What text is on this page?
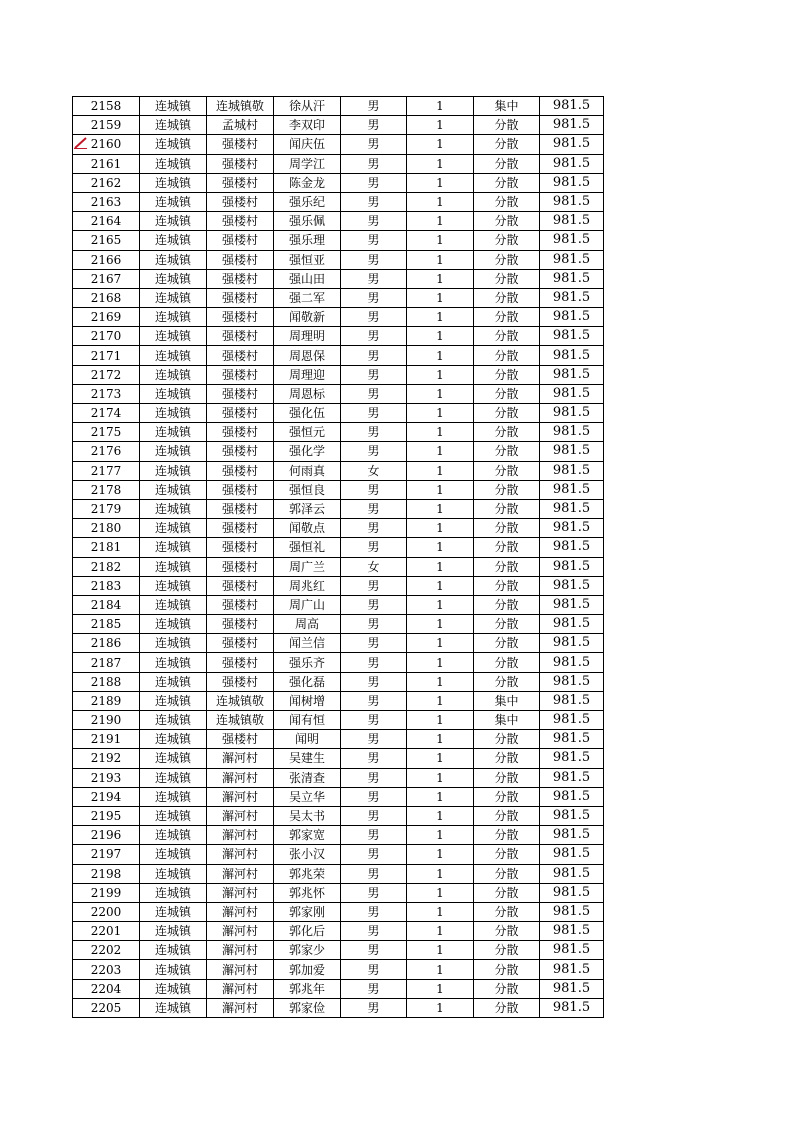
2158	连城镇	连城镇敬	徐从汗	男	1	集中	981.5
2159	连城镇	孟城村	李双印	男	1	分散	981.5
2160	连城镇	强楼村	闻庆伍	男	1	分散	981.5
2161	连城镇	强楼村	周学江	男	1	分散	981.5
2162	连城镇	强楼村	陈金龙	男	1	分散	981.5
2163	连城镇	强楼村	强乐纪	男	1	分散	981.5
2164	连城镇	强楼村	强乐佩	男	1	分散	981.5
2165	连城镇	强楼村	强乐理	男	1	分散	981.5
2166	连城镇	强楼村	强恒亚	男	1	分散	981.5
2167	连城镇	强楼村	强山田	男	1	分散	981.5
2168	连城镇	强楼村	强二军	男	1	分散	981.5
2169	连城镇	强楼村	闻敬新	男	1	分散	981.5
2170	连城镇	强楼村	周理明	男	1	分散	981.5
2171	连城镇	强楼村	周恩保	男	1	分散	981.5
2172	连城镇	强楼村	周理迎	男	1	分散	981.5
2173	连城镇	强楼村	周恩标	男	1	分散	981.5
2174	连城镇	强楼村	强化伍	男	1	分散	981.5
2175	连城镇	强楼村	强恒元	男	1	分散	981.5
2176	连城镇	强楼村	强化学	男	1	分散	981.5
2177	连城镇	强楼村	何雨真	女	1	分散	981.5
2178	连城镇	强楼村	强恒良	男	1	分散	981.5
2179	连城镇	强楼村	郭泽云	男	1	分散	981.5
2180	连城镇	强楼村	闻敬点	男	1	分散	981.5
2181	连城镇	强楼村	强恒礼	男	1	分散	981.5
2182	连城镇	强楼村	周广兰	女	1	分散	981.5
2183	连城镇	强楼村	周兆红	男	1	分散	981.5
2184	连城镇	强楼村	周广山	男	1	分散	981.5
2185	连城镇	强楼村	周高	男	1	分散	981.5
2186	连城镇	强楼村	闻兰信	男	1	分散	981.5
2187	连城镇	强楼村	强乐齐	男	1	分散	981.5
2188	连城镇	强楼村	强化磊	男	1	分散	981.5
2189	连城镇	连城镇敬	闻树增	男	1	集中	981.5
2190	连城镇	连城镇敬	闻有恒	男	1	集中	981.5
2191	连城镇	强楼村	闻明	男	1	分散	981.5
2192	连城镇	澥河村	吴建生	男	1	分散	981.5
2193	连城镇	澥河村	张清查	男	1	分散	981.5
2194	连城镇	澥河村	吴立华	男	1	分散	981.5
2195	连城镇	澥河村	吴太书	男	1	分散	981.5
2196	连城镇	澥河村	郭家宽	男	1	分散	981.5
2197	连城镇	澥河村	张小汉	男	1	分散	981.5
2198	连城镇	澥河村	郭兆荣	男	1	分散	981.5
2199	连城镇	澥河村	郭兆怀	男	1	分散	981.5
2200	连城镇	澥河村	郭家刚	男	1	分散	981.5
2201	连城镇	澥河村	郭化后	男	1	分散	981.5
2202	连城镇	澥河村	郭家少	男	1	分散	981.5
2203	连城镇	澥河村	郭加爱	男	1	分散	981.5
2204	连城镇	澥河村	郭兆年	男	1	分散	981.5
2205	连城镇	澥河村	郭家俭	男	1	分散	981.5
